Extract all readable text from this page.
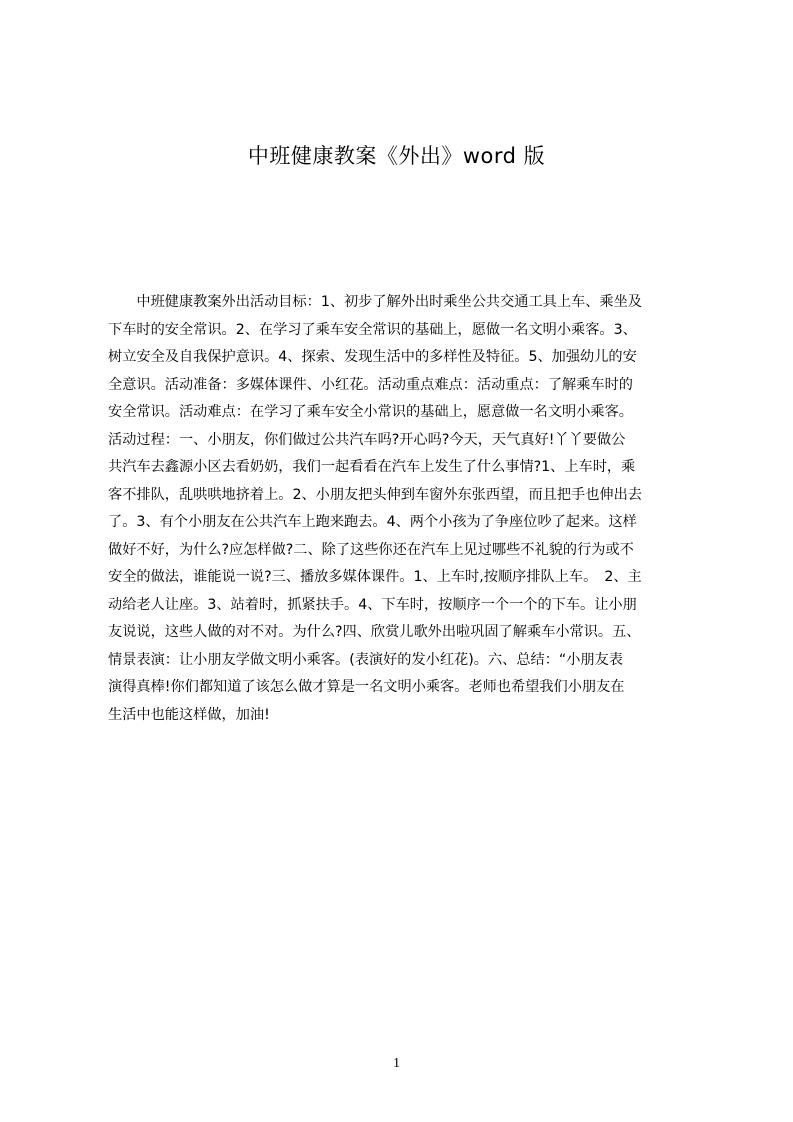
中班健康教案《外出》word 版
　　中班健康教案外出活动目标：1、初步了解外出时乘坐公共交通工具上车、乘坐及
下车时的安全常识。2、在学习了乘车安全常识的基础上，愿做一名文明小乘客。3、
树立安全及自我保护意识。4、探索、发现生活中的多样性及特征。5、加强幼儿的安
全意识。活动准备：多媒体课件、小红花。活动重点难点：活动重点：了解乘车时的
安全常识。活动难点：在学习了乘车安全小常识的基础上，愿意做一名文明小乘客。
活动过程：一、小朋友，你们做过公共汽车吗?开心吗?今天，天气真好!丫丫要做公
共汽车去鑫源小区去看奶奶，我们一起看看在汽车上发生了什么事情?1、上车时，乘
客不排队，乱哄哄地挤着上。2、小朋友把头伸到车窗外东张西望，而且把手也伸出去
了。3、有个小朋友在公共汽车上跑来跑去。4、两个小孩为了争座位吵了起来。这样
做好不好，为什么?应怎样做?二、除了这些你还在汽车上见过哪些不礼貌的行为或不
安全的做法，谁能说一说?三、播放多媒体课件。1、上车时,按顺序排队上车。　2、主
动给老人让座。3、站着时，抓紧扶手。4、下车时，按顺序一个一个的下车。让小朋
友说说，这些人做的对不对。为什么?四、欣赏儿歌外出啦巩固了解乘车小常识。五、
情景表演：让小朋友学做文明小乘客。(表演好的发小红花)。六、总结：“小朋友表
演得真棒!你们都知道了该怎么做才算是一名文明小乘客。老师也希望我们小朋友在
生活中也能这样做，加油!
1
